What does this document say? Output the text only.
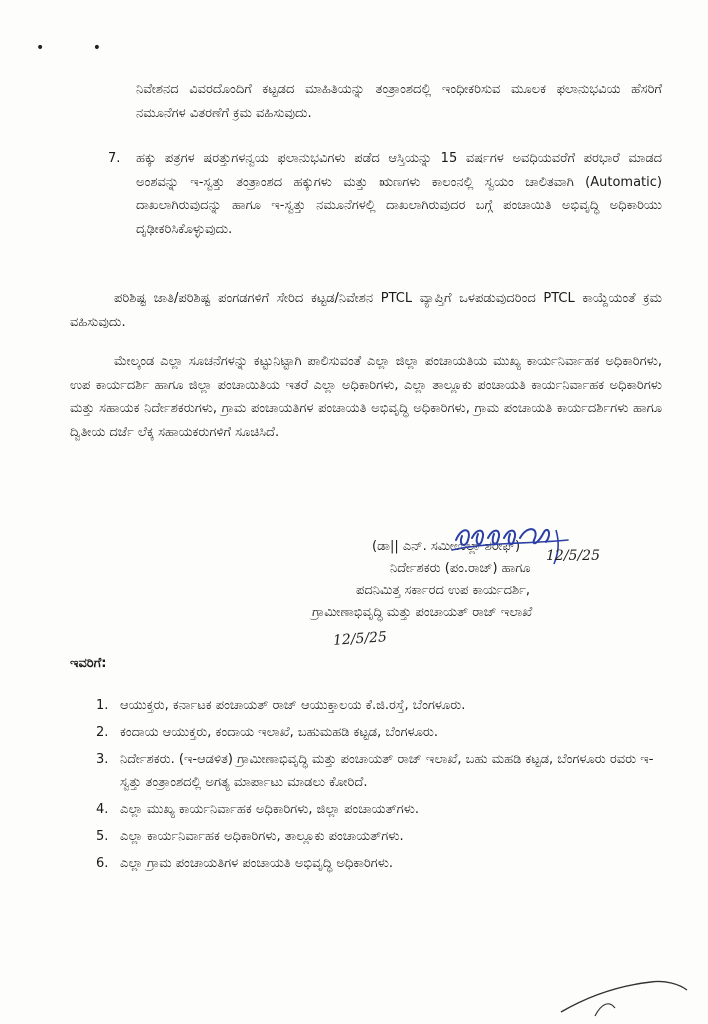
• •
ನಿವೇಶನದ ವಿವರದೊಂದಿಗೆ ಕಟ್ಟಡದ ಮಾಹಿತಿಯನ್ನು ತಂತ್ರಾಂಶದಲ್ಲಿ ಇಂಧೀಕರಿಸುವ ಮೂಲಕ ಫಲಾನುಭವಿಯ ಹೆಸರಿಗೆ ನಮೂನೆಗಳ ವಿತರಣೆಗೆ ಕ್ರಮ ವಹಿಸುವುದು.
7.	ಹಕ್ಕು ಪತ್ರಗಳ ಷರತ್ತುಗಳನ್ವಯ ಫಲಾನುಭವಿಗಳು ಪಡೆದ ಆಸ್ತಿಯನ್ನು 15 ವರ್ಷಗಳ ಅವಧಿಯವರೆಗೆ ಪರಭಾರೆ ಮಾಡದ ಅಂಶವನ್ನು ಇ-ಸ್ವತ್ತು ತಂತ್ರಾಂಶದ ಹಕ್ಕುಗಳು ಮತ್ತು ಋಣಗಳು ಕಾಲಂನಲ್ಲಿ ಸ್ವಯಂ ಚಾಲಿತವಾಗಿ (Automatic) ದಾಖಲಾಗಿರುವುದನ್ನು ಹಾಗೂ ಇ-ಸ್ವತ್ತು ನಮೂನೆಗಳಲ್ಲಿ ದಾಖಲಾಗಿರುವುದರ ಬಗ್ಗೆ ಪಂಚಾಯಿತಿ ಅಭಿವೃದ್ಧಿ ಅಧಿಕಾರಿಯು ದೃಢೀಕರಿಸಿಕೊಳ್ಳುವುದು.
ಪರಿಶಿಷ್ಟ ಜಾತಿ/ಪರಿಶಿಷ್ಟ ಪಂಗಡಗಳಿಗೆ ಸೇರಿದ ಕಟ್ಟಡ/ನಿವೇಶನ PTCL ವ್ಯಾಪ್ತಿಗೆ ಒಳಪಡುವುದರಿಂದ PTCL ಕಾಯ್ದೆಯಂತೆ ಕ್ರಮ ವಹಿಸುವುದು.
ಮೇಲ್ಕಂಡ ಎಲ್ಲಾ ಸೂಚನೆಗಳನ್ನು ಕಟ್ಟುನಿಟ್ಟಾಗಿ ಪಾಲಿಸುವಂತೆ ಎಲ್ಲಾ ಜಿಲ್ಲಾ ಪಂಚಾಯತಿಯ ಮುಖ್ಯ ಕಾರ್ಯನಿರ್ವಾಹಕ ಅಧಿಕಾರಿಗಳು, ಉಪ ಕಾರ್ಯದರ್ಶಿ ಹಾಗೂ ಜಿಲ್ಲಾ ಪಂಚಾಯಿತಿಯ ಇತರೆ ಎಲ್ಲಾ ಅಧಿಕಾರಿಗಳು, ಎಲ್ಲಾ ತಾಲ್ಲೂಕು ಪಂಚಾಯತಿ ಕಾರ್ಯನಿರ್ವಾಹಕ ಅಧಿಕಾರಿಗಳು ಮತ್ತು ಸಹಾಯಕ ನಿರ್ದೇಶಕರುಗಳು, ಗ್ರಾಮ ಪಂಚಾಯತಿಗಳ ಪಂಚಾಯತಿ ಅಭಿವೃದ್ಧಿ ಅಧಿಕಾರಿಗಳು, ಗ್ರಾಮ ಪಂಚಾಯತಿ ಕಾರ್ಯದರ್ಶಿಗಳು ಹಾಗೂ ದ್ವಿತೀಯ ದರ್ಜೆ ಲೆಕ್ಕ ಸಹಾಯಕರುಗಳಿಗೆ ಸೂಚಿಸಿದೆ.
(ಡಾ|| ಎನ್. ಸಮೀಉಲ್ಲಾ ಶರೀಫ್)
ನಿರ್ದೇಶಕರು (ಪಂ.ರಾಜ್) ಹಾಗೂ
ಪದನಿಮಿತ್ತ ಸರ್ಕಾರದ ಉಪ ಕಾರ್ಯದರ್ಶಿ,
ಗ್ರಾಮೀಣಾಭಿವೃದ್ಧಿ ಮತ್ತು ಪಂಚಾಯತ್ ರಾಜ್ ಇಲಾಖೆ
12/5/25
12/5/25
ಇವರಿಗೆ:
1. ಆಯುಕ್ತರು, ಕರ್ನಾಟಕ ಪಂಚಾಯತ್ ರಾಜ್ ಆಯುಕ್ತಾಲಯ ಕೆ.ಜಿ.ರಸ್ತೆ, ಬೆಂಗಳೂರು.
2. ಕಂದಾಯ ಆಯುಕ್ತರು, ಕಂದಾಯ ಇಲಾಖೆ, ಬಹುಮಹಡಿ ಕಟ್ಟಡ, ಬೆಂಗಳೂರು.
3. ನಿರ್ದೇಶಕರು. (ಇ-ಆಡಳಿತ) ಗ್ರಾಮೀಣಾಭಿವೃದ್ಧಿ ಮತ್ತು ಪಂಚಾಯತ್ ರಾಜ್ ಇಲಾಖೆ, ಬಹು ಮಹಡಿ ಕಟ್ಟಡ, ಬೆಂಗಳೂರು ರವರು ಇ-ಸ್ವತ್ತು ತಂತ್ರಾಂಶದಲ್ಲಿ ಅಗತ್ಯ ಮಾರ್ಪಾಟು ಮಾಡಲು ಕೋರಿದೆ.
4. ಎಲ್ಲಾ ಮುಖ್ಯ ಕಾರ್ಯನಿರ್ವಾಹಕ ಅಧಿಕಾರಿಗಳು, ಜಿಲ್ಲಾ ಪಂಚಾಯತ್‌ಗಳು.
5. ಎಲ್ಲಾ ಕಾರ್ಯನಿರ್ವಾಹಕ ಅಧಿಕಾರಿಗಳು, ತಾಲ್ಲೂಕು ಪಂಚಾಯತ್‌ಗಳು.
6. ಎಲ್ಲಾ ಗ್ರಾಮ ಪಂಚಾಯತಿಗಳ ಪಂಚಾಯತಿ ಅಭಿವೃದ್ಧಿ ಅಧಿಕಾರಿಗಳು.
